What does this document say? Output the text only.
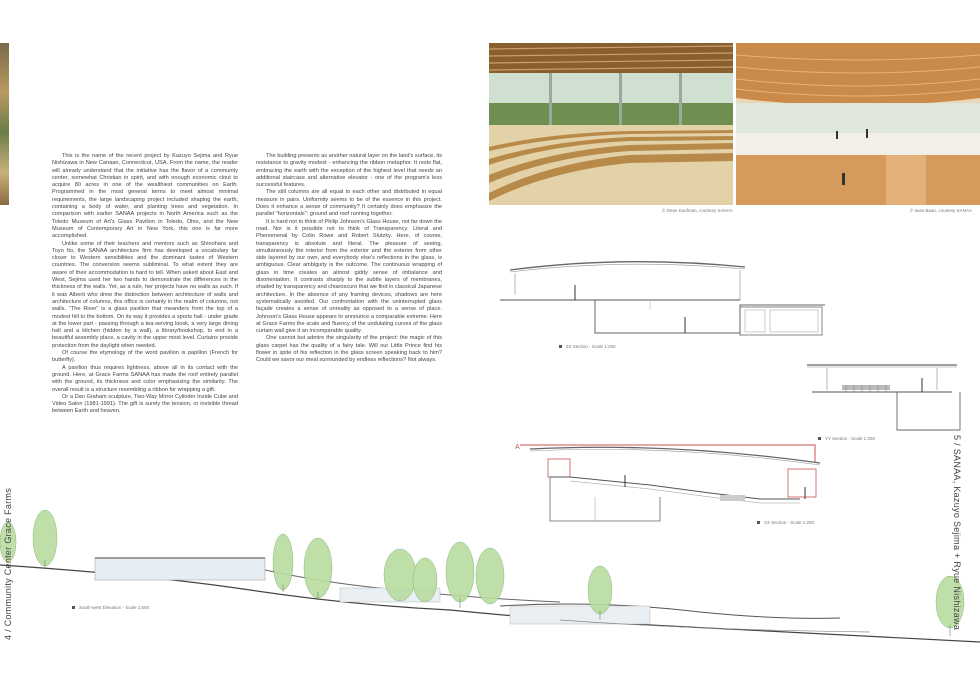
This is the name of the recent project by Kazuyo Sejima and Ryue Nishizawa in New Canaan, Connecticut, USA. From the name, the reader will already understand that the initiative has the flavor of a community center, somewhat Christian in spirit, and with enough economic clout to acquire 80 acres in one of the wealthiest communities on Earth. Programmed in the most general terms to meet almost minimal requirements, the large landscaping project included shaping the earth, containing a body of water, and planting trees and vegetation. In comparison with earlier SANAA projects in North America such as the Toledo Museum of Art's Glass Pavilion in Toledo, Ohio, and the New Museum of Contemporary Art in New York, this one is far more accomplished.

Unlike some of their teachers and mentors such as Shinohara and Toyo Ito, the SANAA architecture firm has developed a vocabulary far closer to Western sensibilities and the dominant tastes of Western countries. The conversion seems subliminal. To what extent they are aware of their accommodation is hard to tell. When asked about East and West, Sejima used her two hands to demonstrate the differences in the thickness of the walls. Yet, as a rule, her projects have no walls as such. If it was Alberti who drew the distinction between architecture of walls and architecture of columns, this office is certainly in the realm of columns, not walls. "The River" is a glass pavilion that meanders from the top of a modest hill to the bottom. On its way it provides a sports hall - under grade at the lower part - passing through a tea-serving kiosk, a very large dining hall and a kitchen (hidden by a wall), a library/bookshop, to end in a beautiful assembly place, a cavity in the upper most level. Curtains provide protection from the daylight when needed.

Of course the etymology of the word pavilion is papillon (French for butterfly).

A pavilion thus requires lightness, above all in its contact with the ground. Here, at Grace Farms SANAA has made the roof entirely parallel with the ground, its thickness and color emphasizing the similarity. The overall result is a structure resembling a ribbon for wrapping a gift.

Or a Dan Graham sculpture, Two-Way Mirror Cylinder Inside Cube and Video Salon (1981-1991). The gift is surely the tension, or invisible thread between Earth and heaven.

The building presents as another natural layer on the land's surface, its resistance to gravity modest - enhancing the ribbon metaphor. It rests flat, embracing the earth with the exception of the highest level that needs an additional staircase and alternative elevator - one of the program's less successful features.

The still columns are all equal to each other and distributed in equal measure in pairs. Uniformity seems to be of the essence in this project. Does it enhance a sense of community? It certainly does emphasize the parallel "horizontals": ground and roof running together.

It is hard not to think of Philip Johnson's Glass House, not far down the road. Nor is it possible not to think of Transparency: Literal and Phenomenal by Colin Rowe and Robert Slutzky. Here, of course, transparency is absolute and literal. The pleasure of seeing, simultaneously the interior from the exterior and the exterior from other side layered by our own, and everybody else's reflections in the glass, is ambiguous. Clear ambiguity is the outcome. The continuous wrapping of glass in time creates an almost giddy sense of imbalance and disorientation. It contrasts sharply to the subtle layers of membranes, shaded by transparency and chiaroscuro that we find in classical Japanese architecture. In the absence of any framing devices, shadows are here systematically avoided. Our confrontation with the uninterrupted glass façade creates a sense of unreality as opposed to a sense of place. Johnson's Glass House appears to announce a comparable extreme. Here at Grace Farms the scale and fluency of the undulating curves of the glass curtain wall give it an incomparable quality.

One cannot but admire the singularity of the project: the magic of this glass carpet has the quality of a fairy tale. Will our Little Prince find his flower in spite of his reflection in the glass screen speaking back to him? Could we savor our meal surrounded by endless reflections? Not always.

© Dean Kaufman, courtesy SANAA	© Iwan Baan, courtesy SANAA
ZZ Section - Scale 1:250
YY Section - Scale 1:250
A
XX Section - Scale 1:250
South-west Elevation - Scale 1:500
4 / Community Center Grace Farms	5 / SANAA, Kazuyo Sejima + Ryue Nishizawa
